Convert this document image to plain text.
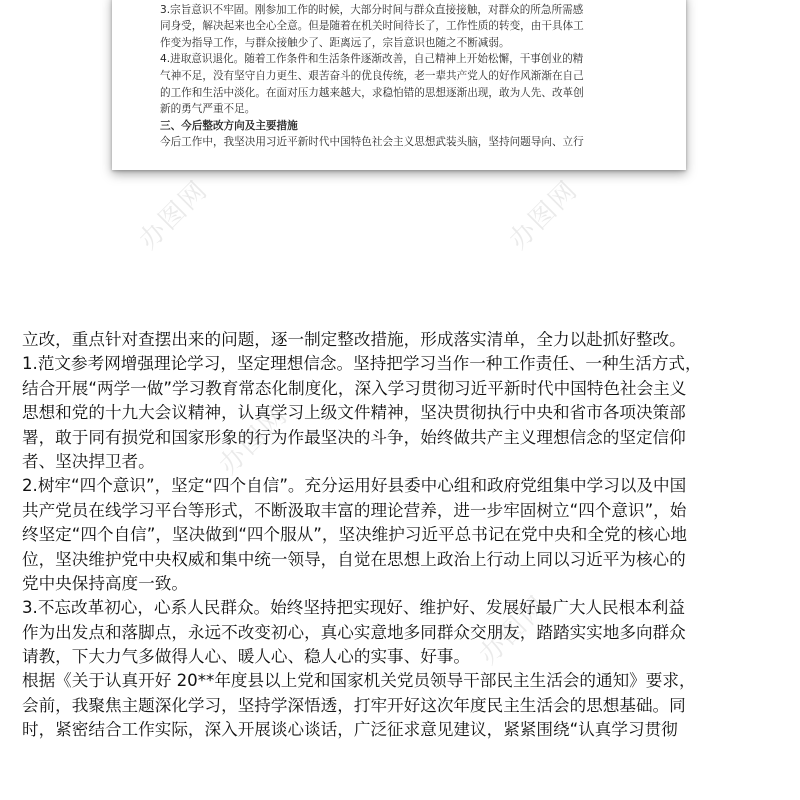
3.宗旨意识不牢固。刚参加工作的时候，大部分时间与群众直接接触，对群众的所急所需感
同身受，解决起来也全心全意。但是随着在机关时间待长了，工作性质的转变，由干具体工
作变为指导工作，与群众接触少了、距离远了，宗旨意识也随之不断减弱。
4.进取意识退化。随着工作条件和生活条件逐渐改善，自己精神上开始松懈，干事创业的精
气神不足，没有坚守自力更生、艰苦奋斗的优良传统，老一辈共产党人的好作风渐渐在自己
的工作和生活中淡化。在面对压力越来越大，求稳怕错的思想逐渐出现，敢为人先、改革创
新的勇气严重不足。
三、今后整改方向及主要措施
今后工作中，我坚决用习近平新时代中国特色社会主义思想武装头脑，坚持问题导向、立行
办图网	办图网
办图网
办图网
立改，重点针对查摆出来的问题，逐一制定整改措施，形成落实清单，全力以赴抓好整改。
1.范文参考网增强理论学习，坚定理想信念。坚持把学习当作一种工作责任、一种生活方式，
结合开展“两学一做”学习教育常态化制度化，深入学习贯彻习近平新时代中国特色社会主义
思想和党的十九大会议精神，认真学习上级文件精神，坚决贯彻执行中央和省市各项决策部
署，敢于同有损党和国家形象的行为作最坚决的斗争，始终做共产主义理想信念的坚定信仰
者、坚决捍卫者。
2.树牢“四个意识”，坚定“四个自信”。充分运用好县委中心组和政府党组集中学习以及中国
共产党员在线学习平台等形式，不断汲取丰富的理论营养，进一步牢固树立“四个意识”，始
终坚定“四个自信”，坚决做到“四个服从”，坚决维护习近平总书记在党中央和全党的核心地
位，坚决维护党中央权威和集中统一领导，自觉在思想上政治上行动上同以习近平为核心的
党中央保持高度一致。
3.不忘改革初心，心系人民群众。始终坚持把实现好、维护好、发展好最广大人民根本利益
作为出发点和落脚点，永远不改变初心，真心实意地多同群众交朋友，踏踏实实地多向群众
请教，下大力气多做得人心、暖人心、稳人心的实事、好事。
根据《关于认真开好 20**年度县以上党和国家机关党员领导干部民主生活会的通知》要求，
会前，我聚焦主题深化学习，坚持学深悟透，打牢开好这次年度民主生活会的思想基础。同
时，紧密结合工作实际，深入开展谈心谈话，广泛征求意见建议，紧紧围绕“认真学习贯彻
